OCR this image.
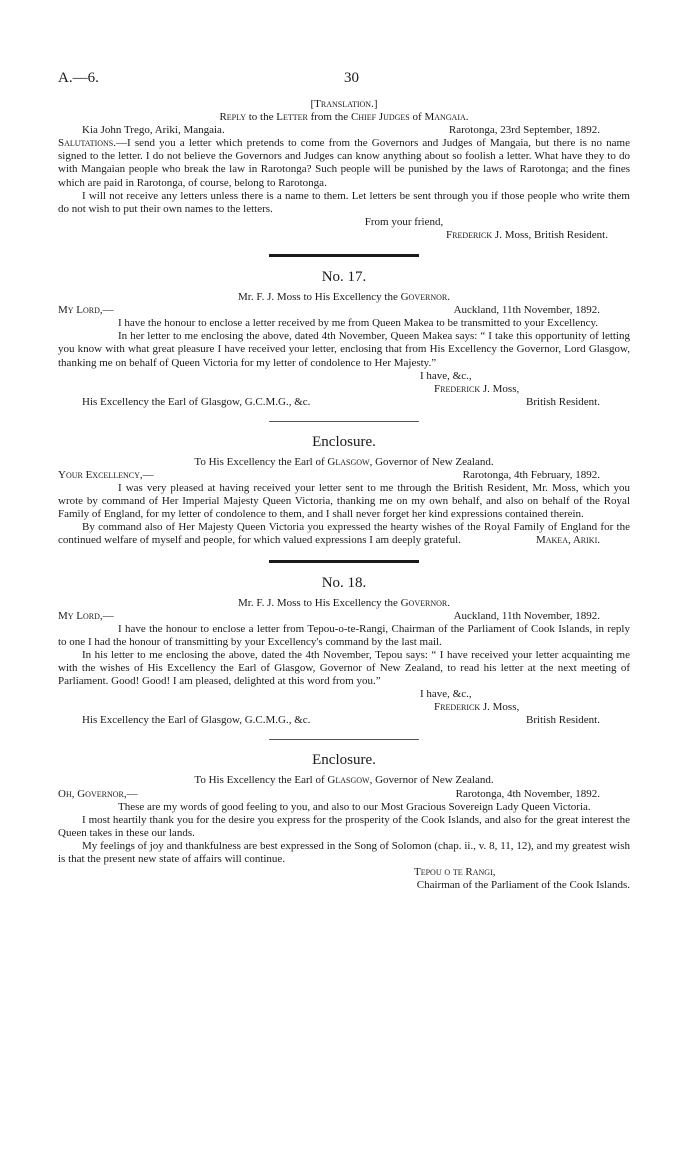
A.—6.	30
[Translation.]
Reply to the Letter from the Chief Judges of Mangaia.
Kia John Trego, Ariki, Mangaia.	Rarotonga, 23rd September, 1892.
Salutations.—I send you a letter which pretends to come from the Governors and Judges of Mangaia, but there is no name signed to the letter. I do not believe the Governors and Judges can know anything about so foolish a letter. What have they to do with Mangaian people who break the law in Rarotonga? Such people will be punished by the laws of Rarotonga; and the fines which are paid in Rarotonga, of course, belong to Rarotonga.
I will not receive any letters unless there is a name to them. Let letters be sent through you if those people who write them do not wish to put their own names to the letters.
From your friend,
Frederick J. Moss, British Resident.
No. 17.
Mr. F. J. Moss to His Excellency the Governor.
My Lord,—	Auckland, 11th November, 1892.
I have the honour to enclose a letter received by me from Queen Makea to be transmitted to your Excellency.
In her letter to me enclosing the above, dated 4th November, Queen Makea says: “ I take this opportunity of letting you know with what great pleasure I have received your letter, enclosing that from His Excellency the Governor, Lord Glasgow, thanking me on behalf of Queen Victoria for my letter of condolence to Her Majesty.”
I have, &c.,
Frederick J. Moss,
His Excellency the Earl of Glasgow, G.C.M.G., &c.	British Resident.
Enclosure.
To His Excellency the Earl of Glasgow, Governor of New Zealand.
Your Excellency,—	Rarotonga, 4th February, 1892.
I was very pleased at having received your letter sent to me through the British Resident, Mr. Moss, which you wrote by command of Her Imperial Majesty Queen Victoria, thanking me on my own behalf, and also on behalf of the Royal Family of England, for my letter of condolence to them, and I shall never forget her kind expressions contained therein.
By command also of Her Majesty Queen Victoria you expressed the hearty wishes of the Royal Family of England for the continued welfare of myself and people, for which valued expressions I am deeply grateful.	Makea, Ariki.
No. 18.
Mr. F. J. Moss to His Excellency the Governor.
My Lord,—	Auckland, 11th November, 1892.
I have the honour to enclose a letter from Tepou-o-te-Rangi, Chairman of the Parliament of Cook Islands, in reply to one I had the honour of transmitting by your Excellency's command by the last mail.
In his letter to me enclosing the above, dated the 4th November, Tepou says: “ I have received your letter acquainting me with the wishes of His Excellency the Earl of Glasgow, Governor of New Zealand, to read his letter at the next meeting of Parliament. Good! Good! I am pleased, delighted at this word from you.”
I have, &c.,
Frederick J. Moss,
His Excellency the Earl of Glasgow, G.C.M.G., &c.	British Resident.
Enclosure.
To His Excellency the Earl of Glasgow, Governor of New Zealand.
Oh, Governor,—	Rarotonga, 4th November, 1892.
These are my words of good feeling to you, and also to our Most Gracious Sovereign Lady Queen Victoria.
I most heartily thank you for the desire you express for the prosperity of the Cook Islands, and also for the great interest the Queen takes in these our lands.
My feelings of joy and thankfulness are best expressed in the Song of Solomon (chap. ii., v. 8, 11, 12), and my greatest wish is that the present new state of affairs will continue.
Tepou o te Rangi,
Chairman of the Parliament of the Cook Islands.
